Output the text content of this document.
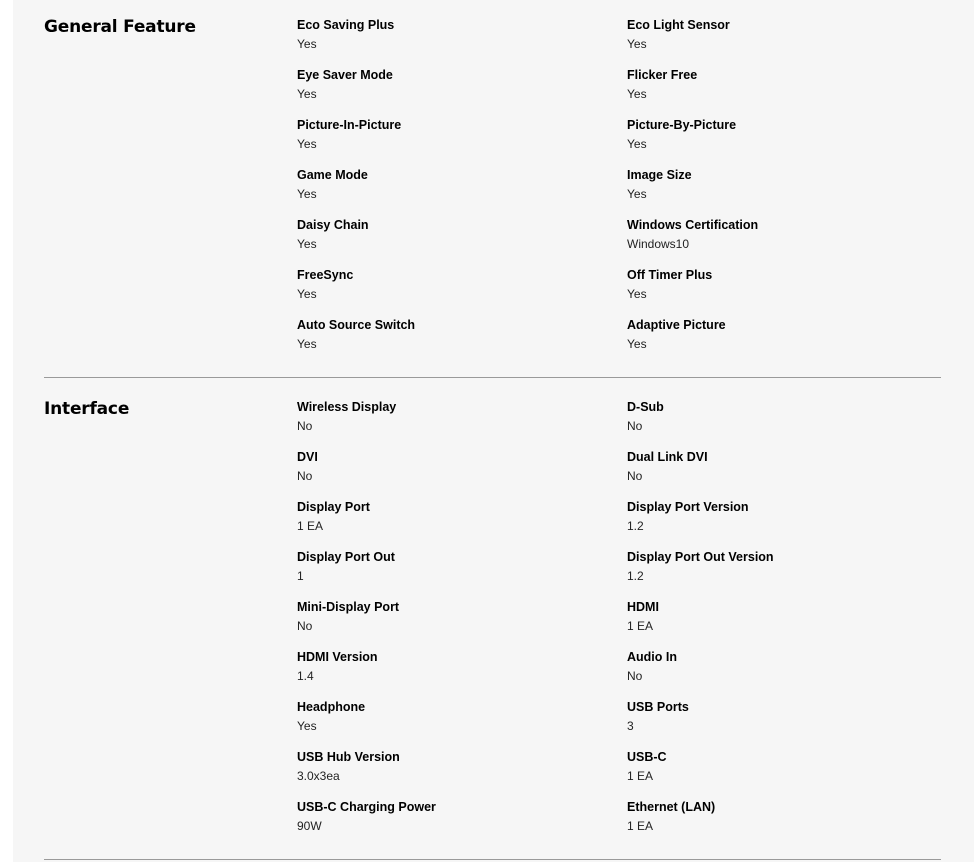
General Feature	Eco Saving Plus
Yes
Eco Light Sensor
Yes
Eye Saver Mode
Yes
Flicker Free
Yes
Picture-In-Picture
Yes
Picture-By-Picture
Yes
Game Mode
Yes
Image Size
Yes
Daisy Chain
Yes
Windows Certification
Windows10
FreeSync
Yes
Off Timer Plus
Yes
Auto Source Switch
Yes
Adaptive Picture
Yes
Interface	Wireless Display
No
D-Sub
No
DVI
No
Dual Link DVI
No
Display Port
1 EA
Display Port Version
1.2
Display Port Out
1
Display Port Out Version
1.2
Mini-Display Port
No
HDMI
1 EA
HDMI Version
1.4
Audio In
No
Headphone
Yes
USB Ports
3
USB Hub Version
3.0x3ea
USB-C
1 EA
USB-C Charging Power
90W
Ethernet (LAN)
1 EA
